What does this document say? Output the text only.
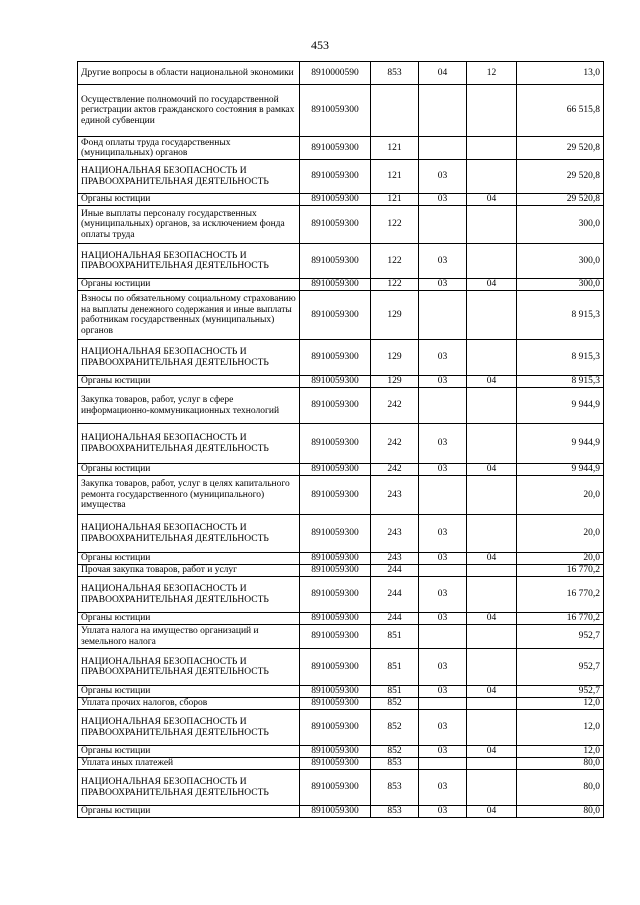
453
Другие вопросы в области национальной экономики	8910000590	853	04	12	13,0
Осуществление полномочий по государственной регистрации актов гражданского состояния в рамках единой субвенции	8910059300				66 515,8
Фонд оплаты труда государственных (муниципальных) органов	8910059300	121			29 520,8
НАЦИОНАЛЬНАЯ БЕЗОПАСНОСТЬ И ПРАВООХРАНИТЕЛЬНАЯ ДЕЯТЕЛЬНОСТЬ	8910059300	121	03		29 520,8
Органы юстиции	8910059300	121	03	04	29 520,8
Иные выплаты персоналу государственных (муниципальных) органов, за исключением фонда оплаты труда	8910059300	122			300,0
НАЦИОНАЛЬНАЯ БЕЗОПАСНОСТЬ И ПРАВООХРАНИТЕЛЬНАЯ ДЕЯТЕЛЬНОСТЬ	8910059300	122	03		300,0
Органы юстиции	8910059300	122	03	04	300,0
Взносы по обязательному социальному страхованию на выплаты денежного содержания и иные выплаты работникам государственных (муниципальных) органов	8910059300	129			8 915,3
НАЦИОНАЛЬНАЯ БЕЗОПАСНОСТЬ И ПРАВООХРАНИТЕЛЬНАЯ ДЕЯТЕЛЬНОСТЬ	8910059300	129	03		8 915,3
Органы юстиции	8910059300	129	03	04	8 915,3
Закупка товаров, работ, услуг в сфере информационно-коммуникационных технологий	8910059300	242			9 944,9
НАЦИОНАЛЬНАЯ БЕЗОПАСНОСТЬ И ПРАВООХРАНИТЕЛЬНАЯ ДЕЯТЕЛЬНОСТЬ	8910059300	242	03		9 944,9
Органы юстиции	8910059300	242	03	04	9 944,9
Закупка товаров, работ, услуг в целях капитального ремонта государственного (муниципального) имущества	8910059300	243			20,0
НАЦИОНАЛЬНАЯ БЕЗОПАСНОСТЬ И ПРАВООХРАНИТЕЛЬНАЯ ДЕЯТЕЛЬНОСТЬ	8910059300	243	03		20,0
Органы юстиции	8910059300	243	03	04	20,0
Прочая закупка товаров, работ и услуг	8910059300	244			16 770,2
НАЦИОНАЛЬНАЯ БЕЗОПАСНОСТЬ И ПРАВООХРАНИТЕЛЬНАЯ ДЕЯТЕЛЬНОСТЬ	8910059300	244	03		16 770,2
Органы юстиции	8910059300	244	03	04	16 770,2
Уплата налога на имущество организаций и земельного налога	8910059300	851			952,7
НАЦИОНАЛЬНАЯ БЕЗОПАСНОСТЬ И ПРАВООХРАНИТЕЛЬНАЯ ДЕЯТЕЛЬНОСТЬ	8910059300	851	03		952,7
Органы юстиции	8910059300	851	03	04	952,7
Уплата прочих налогов, сборов	8910059300	852			12,0
НАЦИОНАЛЬНАЯ БЕЗОПАСНОСТЬ И ПРАВООХРАНИТЕЛЬНАЯ ДЕЯТЕЛЬНОСТЬ	8910059300	852	03		12,0
Органы юстиции	8910059300	852	03	04	12,0
Уплата иных платежей	8910059300	853			80,0
НАЦИОНАЛЬНАЯ БЕЗОПАСНОСТЬ И ПРАВООХРАНИТЕЛЬНАЯ ДЕЯТЕЛЬНОСТЬ	8910059300	853	03		80,0
Органы юстиции	8910059300	853	03	04	80,0
